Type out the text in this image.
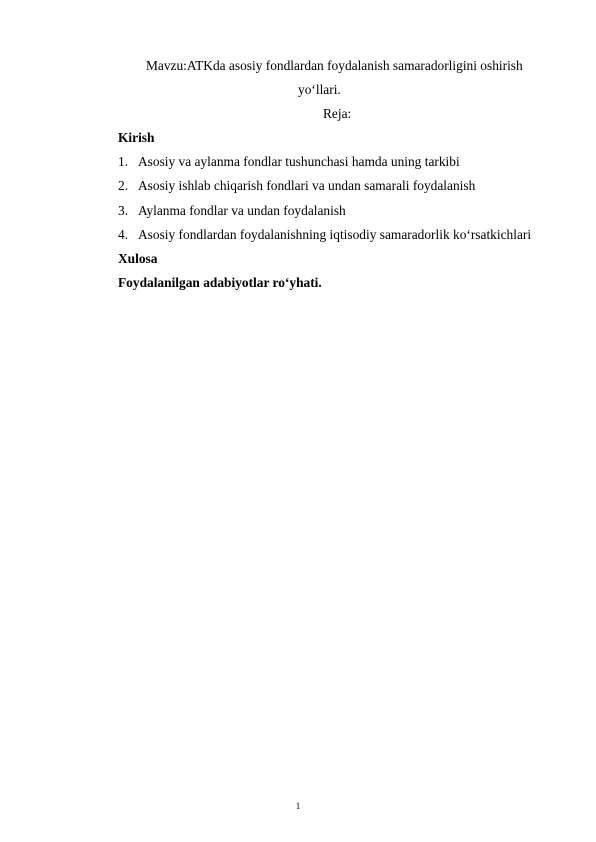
Mavzu:ATKda asosiy fondlardan foydalanish samaradorligini oshirish
yo‘llari.
Reja:
Kirish
1. Asosiy va aylanma fondlar tushunchasi hamda uning tarkibi
2. Asosiy ishlab chiqarish fondlari va undan samarali foydalanish
3. Aylanma fondlar va undan foydalanish
4. Asosiy fondlardan foydalanishning iqtisodiy samaradorlik ko‘rsatkichlari
Xulosa
Foydalanilgan adabiyotlar ro‘yhati.
1
